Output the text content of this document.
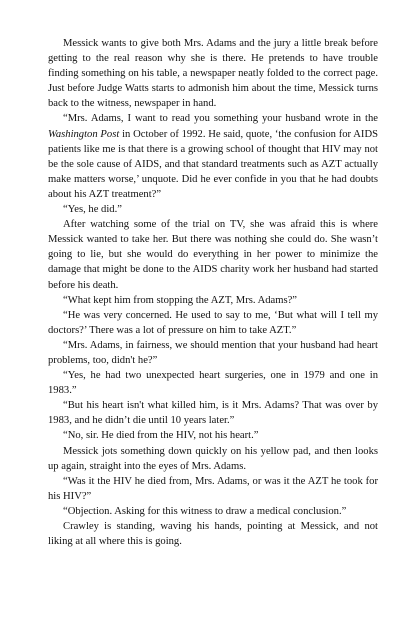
Messick wants to give both Mrs. Adams and the jury a little break before getting to the real reason why she is there. He pretends to have trouble finding something on his table, a newspaper neatly folded to the correct page. Just before Judge Watts starts to admonish him about the time, Messick turns back to the witness, newspaper in hand.

“Mrs. Adams, I want to read you something your husband wrote in the Washington Post in October of 1992. He said, quote, ‘the confusion for AIDS patients like me is that there is a growing school of thought that HIV may not be the sole cause of AIDS, and that standard treatments such as AZT actually make matters worse,’ unquote. Did he ever confide in you that he had doubts about his AZT treatment?”

“Yes, he did.”

After watching some of the trial on TV, she was afraid this is where Messick wanted to take her. But there was nothing she could do. She wasn’t going to lie, but she would do everything in her power to minimize the damage that might be done to the AIDS charity work her husband had started before his death.

“What kept him from stopping the AZT, Mrs. Adams?”

“He was very concerned. He used to say to me, ‘But what will I tell my doctors?’ There was a lot of pressure on him to take AZT.”

“Mrs. Adams, in fairness, we should mention that your husband had heart problems, too, didn't he?”

“Yes, he had two unexpected heart surgeries, one in 1979 and one in 1983.”

“But his heart isn't what killed him, is it Mrs. Adams? That was over by 1983, and he didn’t die until 10 years later.”

“No, sir. He died from the HIV, not his heart.”

Messick jots something down quickly on his yellow pad, and then looks up again, straight into the eyes of Mrs. Adams.

“Was it the HIV he died from, Mrs. Adams, or was it the AZT he took for his HIV?”

“Objection. Asking for this witness to draw a medical conclusion.”

Crawley is standing, waving his hands, pointing at Messick, and not liking at all where this is going.
